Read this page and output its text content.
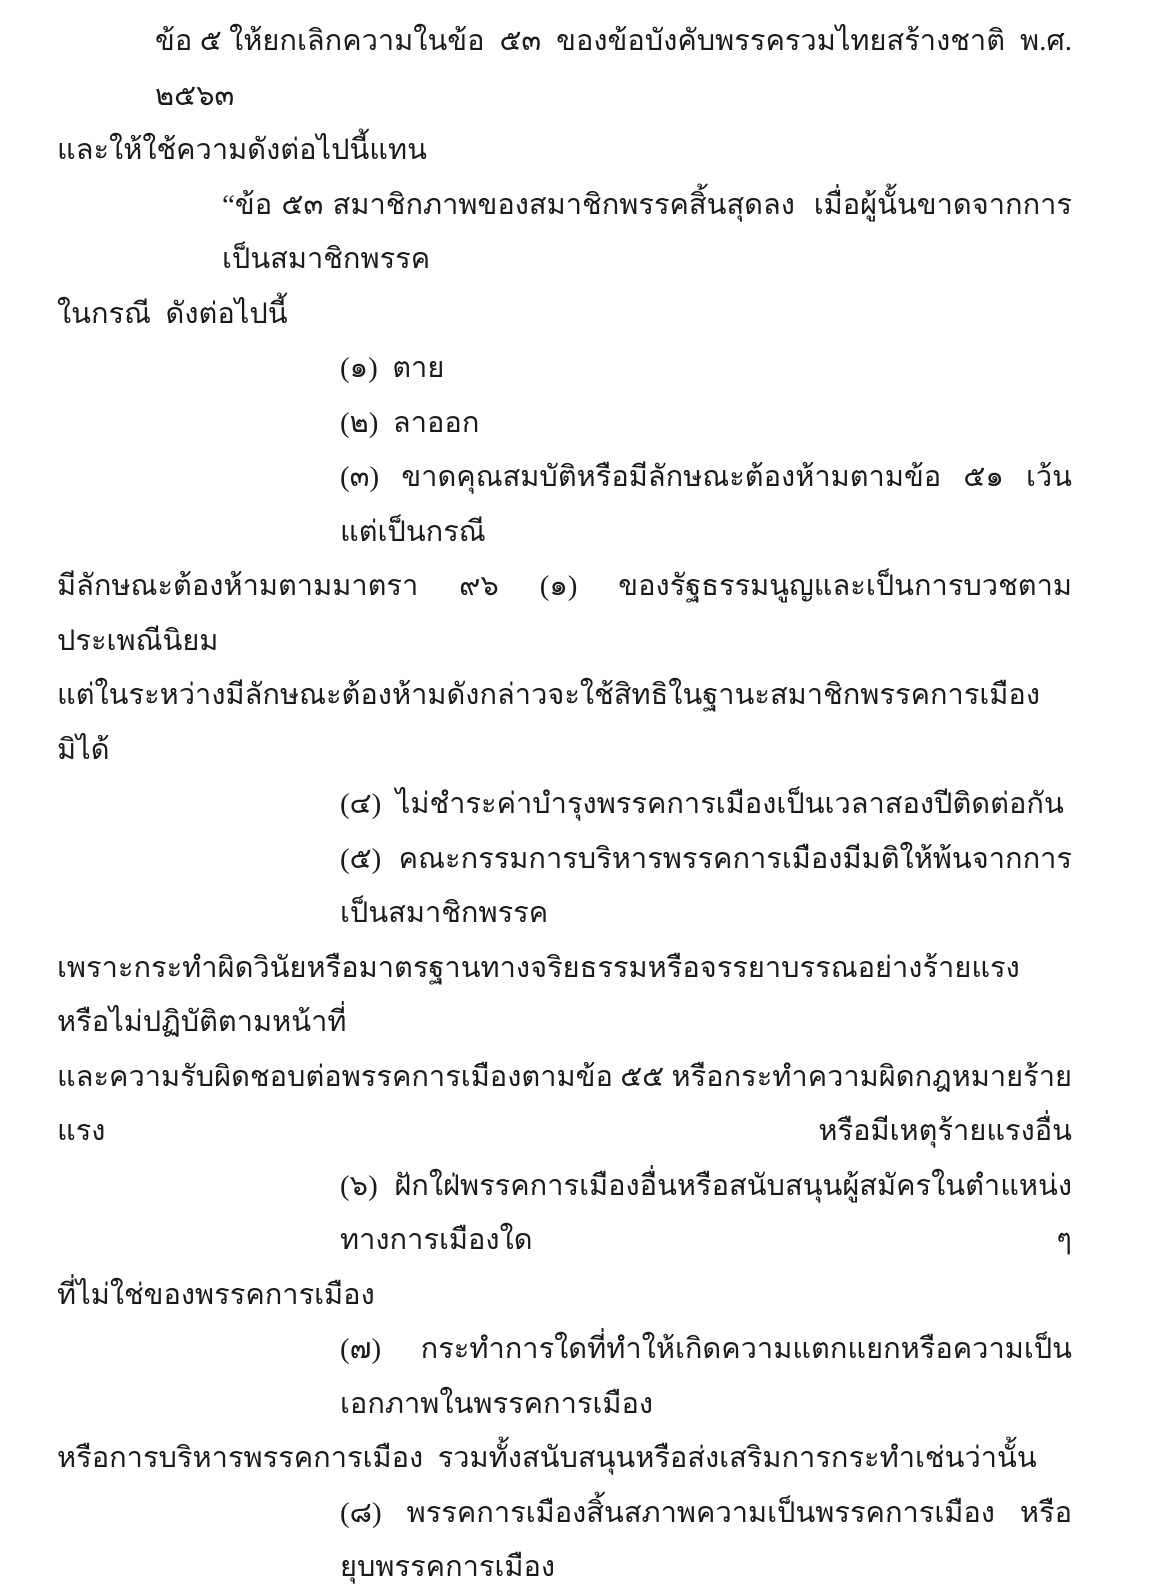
ข้อ ๕ ให้ยกเลิกความในข้อ  ๕๓  ของข้อบังคับพรรครวมไทยสร้างชาติ  พ.ศ. ๒๕๖๓
และให้ใช้ความดังต่อไปนี้แทน
“ข้อ ๕๓ สมาชิกภาพของสมาชิกพรรคสิ้นสุดลง  เมื่อผู้นั้นขาดจากการเป็นสมาชิกพรรค
ในกรณี  ดังต่อไปนี้
(๑)  ตาย
(๒)  ลาออก
(๓)  ขาดคุณสมบัติหรือมีลักษณะต้องห้ามตามข้อ  ๕๑  เว้นแต่เป็นกรณี
มีลักษณะต้องห้ามตามมาตรา  ๙๖  (๑)  ของรัฐธรรมนูญและเป็นการบวชตามประเพณีนิยม
แต่ในระหว่างมีลักษณะต้องห้ามดังกล่าวจะใช้สิทธิในฐานะสมาชิกพรรคการเมืองมิได้
(๔)  ไม่ชำระค่าบำรุงพรรคการเมืองเป็นเวลาสองปีติดต่อกัน
(๕)  คณะกรรมการบริหารพรรคการเมืองมีมติให้พ้นจากการเป็นสมาชิกพรรค
เพราะกระทำผิดวินัยหรือมาตรฐานทางจริยธรรมหรือจรรยาบรรณอย่างร้ายแรง  หรือไม่ปฏิบัติตามหน้าที่
และความรับผิดชอบต่อพรรคการเมืองตามข้อ ๕๕ หรือกระทำความผิดกฎหมายร้ายแรง  หรือมีเหตุร้ายแรงอื่น
(๖)  ฝักใฝ่พรรคการเมืองอื่นหรือสนับสนุนผู้สมัครในตำแหน่งทางการเมืองใด ๆ
ที่ไม่ใช่ของพรรคการเมือง
(๗)  กระทำการใดที่ทำให้เกิดความแตกแยกหรือความเป็นเอกภาพในพรรคการเมือง
หรือการบริหารพรรคการเมือง  รวมทั้งสนับสนุนหรือส่งเสริมการกระทำเช่นว่านั้น
(๘)  พรรคการเมืองสิ้นสภาพความเป็นพรรคการเมือง  หรือยุบพรรคการเมือง
